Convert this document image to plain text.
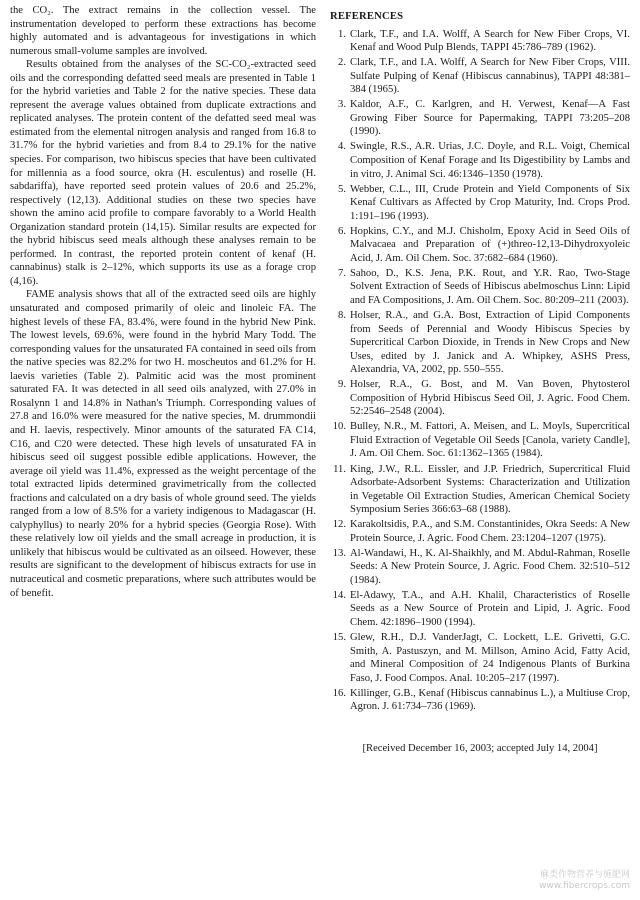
the CO₂. The extract remains in the collection vessel. The instrumentation developed to perform these extractions has become highly automated and is advantageous for investigations in which numerous small-volume samples are involved.

Results obtained from the analyses of the SC-CO₂-extracted seed oils and the corresponding defatted seed meals are presented in Table 1 for the hybrid varieties and Table 2 for the native species. These data represent the average values obtained from duplicate extractions and replicated analyses. The protein content of the defatted seed meal was estimated from the elemental nitrogen analysis and ranged from 16.8 to 31.7% for the hybrid varieties and from 8.4 to 29.1% for the native species. For comparison, two hibiscus species that have been cultivated for millennia as a food source, okra (H. esculentus) and roselle (H. sabdariffa), have reported seed protein values of 20.6 and 25.2%, respectively (12,13). Additional studies on these two species have shown the amino acid profile to compare favorably to a World Health Organization standard protein (14,15). Similar results are expected for the hybrid hibiscus seed meals although these analyses remain to be performed. In contrast, the reported protein content of kenaf (H. cannabinus) stalk is 2–12%, which supports its use as a forage crop (4,16).

FAME analysis shows that all of the extracted seed oils are highly unsaturated and composed primarily of oleic and linoleic FA. The highest levels of these FA, 83.4%, were found in the hybrid New Pink. The lowest levels, 69.6%, were found in the hybrid Mary Todd. The corresponding values for the unsaturated FA contained in seed oils from the native species was 82.2% for two H. moscheutos and 61.2% for H. laevis varieties (Table 2). Palmitic acid was the most prominent saturated FA. It was detected in all seed oils analyzed, with 27.0% in Rosalynn 1 and 14.8% in Nathan's Triumph. Corresponding values of 27.8 and 16.0% were measured for the native species, M. drummondii and H. laevis, respectively. Minor amounts of the saturated FA C14, C16, and C20 were detected. These high levels of unsaturated FA in hibiscus seed oil suggest possible edible applications. However, the average oil yield was 11.4%, expressed as the weight percentage of the total extracted lipids determined gravimetrically from the collected fractions and calculated on a dry basis of whole ground seed. The yields ranged from a low of 8.5% for a variety indigenous to Madagascar (H. calyphyllus) to nearly 20% for a hybrid species (Georgia Rose). With these relatively low oil yields and the small acreage in production, it is unlikely that hibiscus would be cultivated as an oilseed. However, these results are significant to the development of hibiscus extracts for use in nutraceutical and cosmetic preparations, where such attributes would be of benefit.

REFERENCES
1. Clark, T.F., and I.A. Wolff, A Search for New Fiber Crops, VI. Kenaf and Wood Pulp Blends, TAPPI 45:786–789 (1962).
2. Clark, T.F., and I.A. Wolff, A Search for New Fiber Crops, VIII. Sulfate Pulping of Kenaf (Hibiscus cannabinus), TAPPI 48:381–384 (1965).
3. Kaldor, A.F., C. Karlgren, and H. Verwest, Kenaf—A Fast Growing Fiber Source for Papermaking, TAPPI 73:205–208 (1990).
4. Swingle, R.S., A.R. Urias, J.C. Doyle, and R.L. Voigt, Chemical Composition of Kenaf Forage and Its Digestibility by Lambs and in vitro, J. Animal Sci. 46:1346–1350 (1978).
5. Webber, C.L., III, Crude Protein and Yield Components of Six Kenaf Cultivars as Affected by Crop Maturity, Ind. Crops Prod. 1:191–196 (1993).
6. Hopkins, C.Y., and M.J. Chisholm, Epoxy Acid in Seed Oils of Malvacaea and Preparation of (+)threo-12,13-Dihydroxyoleic Acid, J. Am. Oil Chem. Soc. 37:682–684 (1960).
7. Sahoo, D., K.S. Jena, P.K. Rout, and Y.R. Rao, Two-Stage Solvent Extraction of Seeds of Hibiscus abelmoschus Linn: Lipid and FA Compositions, J. Am. Oil Chem. Soc. 80:209–211 (2003).
8. Holser, R.A., and G.A. Bost, Extraction of Lipid Components from Seeds of Perennial and Woody Hibiscus Species by Supercritical Carbon Dioxide, in Trends in New Crops and New Uses, edited by J. Janick and A. Whipkey, ASHS Press, Alexandria, VA, 2002, pp. 550–555.
9. Holser, R.A., G. Bost, and M. Van Boven, Phytosterol Composition of Hybrid Hibiscus Seed Oil, J. Agric. Food Chem. 52:2546–2548 (2004).
10. Bulley, N.R., M. Fattori, A. Meisen, and L. Moyls, Supercritical Fluid Extraction of Vegetable Oil Seeds [Canola, variety Candle], J. Am. Oil Chem. Soc. 61:1362–1365 (1984).
11. King, J.W., R.L. Eissler, and J.P. Friedrich, Supercritical Fluid Adsorbate-Adsorbent Systems: Characterization and Utilization in Vegetable Oil Extraction Studies, American Chemical Society Symposium Series 366:63–68 (1988).
12. Karakoltsidis, P.A., and S.M. Constantinides, Okra Seeds: A New Protein Source, J. Agric. Food Chem. 23:1204–1207 (1975).
13. Al-Wandawi, H., K. Al-Shaikhly, and M. Abdul-Rahman, Roselle Seeds: A New Protein Source, J. Agric. Food Chem. 32:510–512 (1984).
14. El-Adawy, T.A., and A.H. Khalil, Characteristics of Roselle Seeds as a New Source of Protein and Lipid, J. Agric. Food Chem. 42:1896–1900 (1994).
15. Glew, R.H., D.J. VanderJagt, C. Lockett, L.E. Grivetti, G.C. Smith, A. Pastuszyn, and M. Millson, Amino Acid, Fatty Acid, and Mineral Composition of 24 Indigenous Plants of Burkina Faso, J. Food Compos. Anal. 10:205–217 (1997).
16. Killinger, G.B., Kenaf (Hibiscus cannabinus L.), a Multiuse Crop, Agron. J. 61:734–736 (1969).
[Received December 16, 2003; accepted July 14, 2004]
麻类作物营养与施肥网
www.fibercrops.com
